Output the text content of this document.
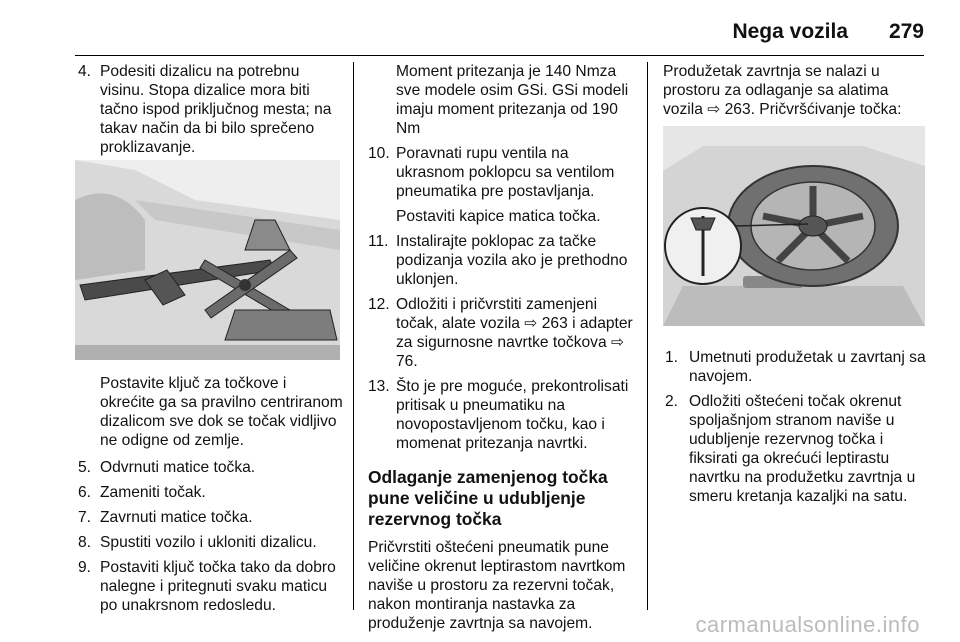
Nega vozila 279

4. Podesiti dizalicu na potrebnu visinu. Stopa dizalice mora biti tačno ispod priključnog mesta; na takav način da bi bilo sprečeno proklizavanje.

Postavite ključ za točkove i okrećite ga sa pravilno centriranom dizalicom sve dok se točak vidljivo ne odigne od zemlje.

5. Odvrnuti matice točka.

6. Zameniti točak.

7. Zavrnuti matice točka.

8. Spustiti vozilo i ukloniti dizalicu.

9. Postaviti ključ točka tako da dobro nalegne i pritegnuti svaku maticu po unakrsnom redosledu.

Moment pritezanja je 140 Nmza sve modele osim GSi. GSi modeli imaju moment pritezanja od 190 Nm

10. Poravnati rupu ventila na ukrasnom poklopcu sa ventilom pneumatika pre postavljanja.

Postaviti kapice matica točka.

11. Instalirajte poklopac za tačke podizanja vozila ako je prethodno uklonjen.

12. Odložiti i pričvrstiti zamenjeni točak, alate vozila ⇨ 263 i adapter za sigurnosne navrtke točkova ⇨ 76.

13. Što je pre moguće, prekontrolisati pritisak u pneumatiku na novopostavljenom točku, kao i momenat pritezanja navrtki.

Odlaganje zamenjenog točka pune veličine u udubljenje rezervnog točka

Pričvrstiti oštećeni pneumatik pune veličine okrenut leptirastom navrtkom naviše u prostoru za rezervni točak, nakon montiranja nastavka za produženje zavrtnja sa navojem.

Produžetak zavrtnja se nalazi u prostoru za odlaganje sa alatima vozila ⇨ 263. Pričvršćivanje točka:

1. Umetnuti produžetak u zavrtanj sa navojem.

2. Odložiti oštećeni točak okrenut spoljašnjom stranom naviše u udubljenje rezervnog točka i fiksirati ga okrećući leptirastu navrtku na produžetku zavrtnja u smeru kretanja kazaljki na satu.

carmanualsonline.info
